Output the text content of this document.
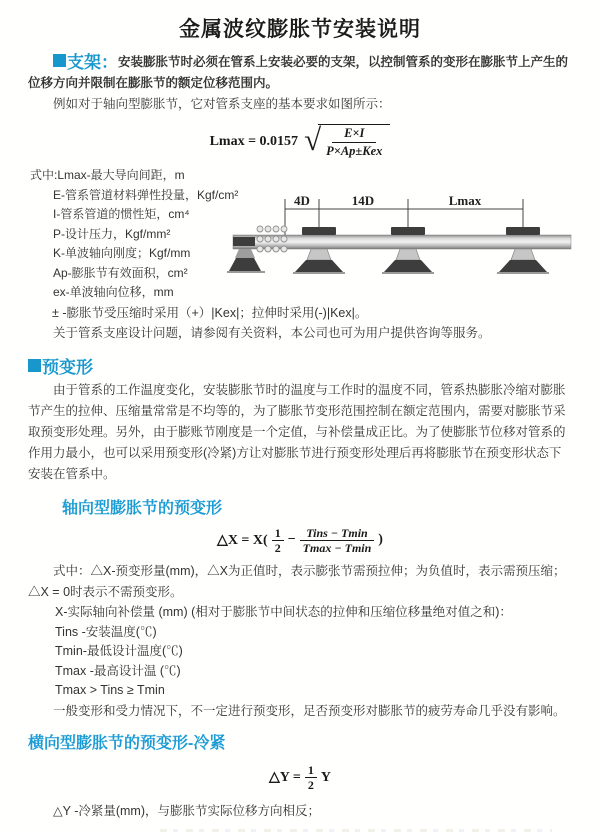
金属波纹膨胀节安装说明
支架：安装膨胀节时必须在管系上安装必要的支架，以控制管系的变形在膨胀节上产生的位移方向并限制在膨胀节的额定位移范围内。
例如对于轴向型膨胀节，它对管系支座的基本要求如图所示：
Lmax = 0.0157 √	E×I
P×Ap±Kex
式中:Lmax-最大导向间距，m
E-管系管道材料弹性投量，Kgf/cm²
I-管系管道的惯性矩，cm⁴
P-设计压力，Kgf/mm²
K-单波轴向刚度；Kgf/mm
Ap-膨胀节有效面积，cm²
ex-单波轴向位移，mm
4D	14D	Lmax
± -膨胀节受压缩时采用（+）|Kex|；拉伸时采用(-)|Kex|。
关于管系支座设计问题，请参阅有关资料，本公司也可为用户提供咨询等服务。
预变形
由于管系的工作温度变化，安装膨胀节时的温度与工作时的温度不同，管系热膨胀冷缩对膨胀节产生的拉伸、压缩量常常是不均等的，为了膨胀节变形范围控制在额定范围内，需要对膨胀节采取预变形处理。另外，由于膨账节刚度是一个定值，与补偿量成正比。为了使膨胀节位移对管系的作用力最小，也可以采用预变形(冷紧)方让对膨胀节进行预变形处理后再将膨胀节在预变形状态下安装在管系中。
轴向型膨胀节的预变形
△X = $X( \frac{1}{2} - \frac{\text{Tins − Tmin}}{Tmax - Tmin}$ )
式中：△X-预变形量(mm)，△X为正值时，表示膨张节需预拉伸；为负值时，表示需预压缩；△X = 0时表示不需预变形。
X-实际轴向补偿量 (mm) (相对于膨胀节中间状态的拉伸和压缩位移量绝对值之和)：
Tins -安装温度(℃)
Tmin-最低设计温度(℃)
Tmax -最高设计温 (℃)
Tmax > Tins ≥ Tmin
一般变形和受力情况下，不一定进行预变形，足否预变形对膨胀节的疲劳寿命几乎没有影响。
横向型膨胀节的预变形-冷紧
△Y = $\frac{1}{2}$ Y
△Y -冷紧量(mm)，与膨胀节实际位移方向相反；
